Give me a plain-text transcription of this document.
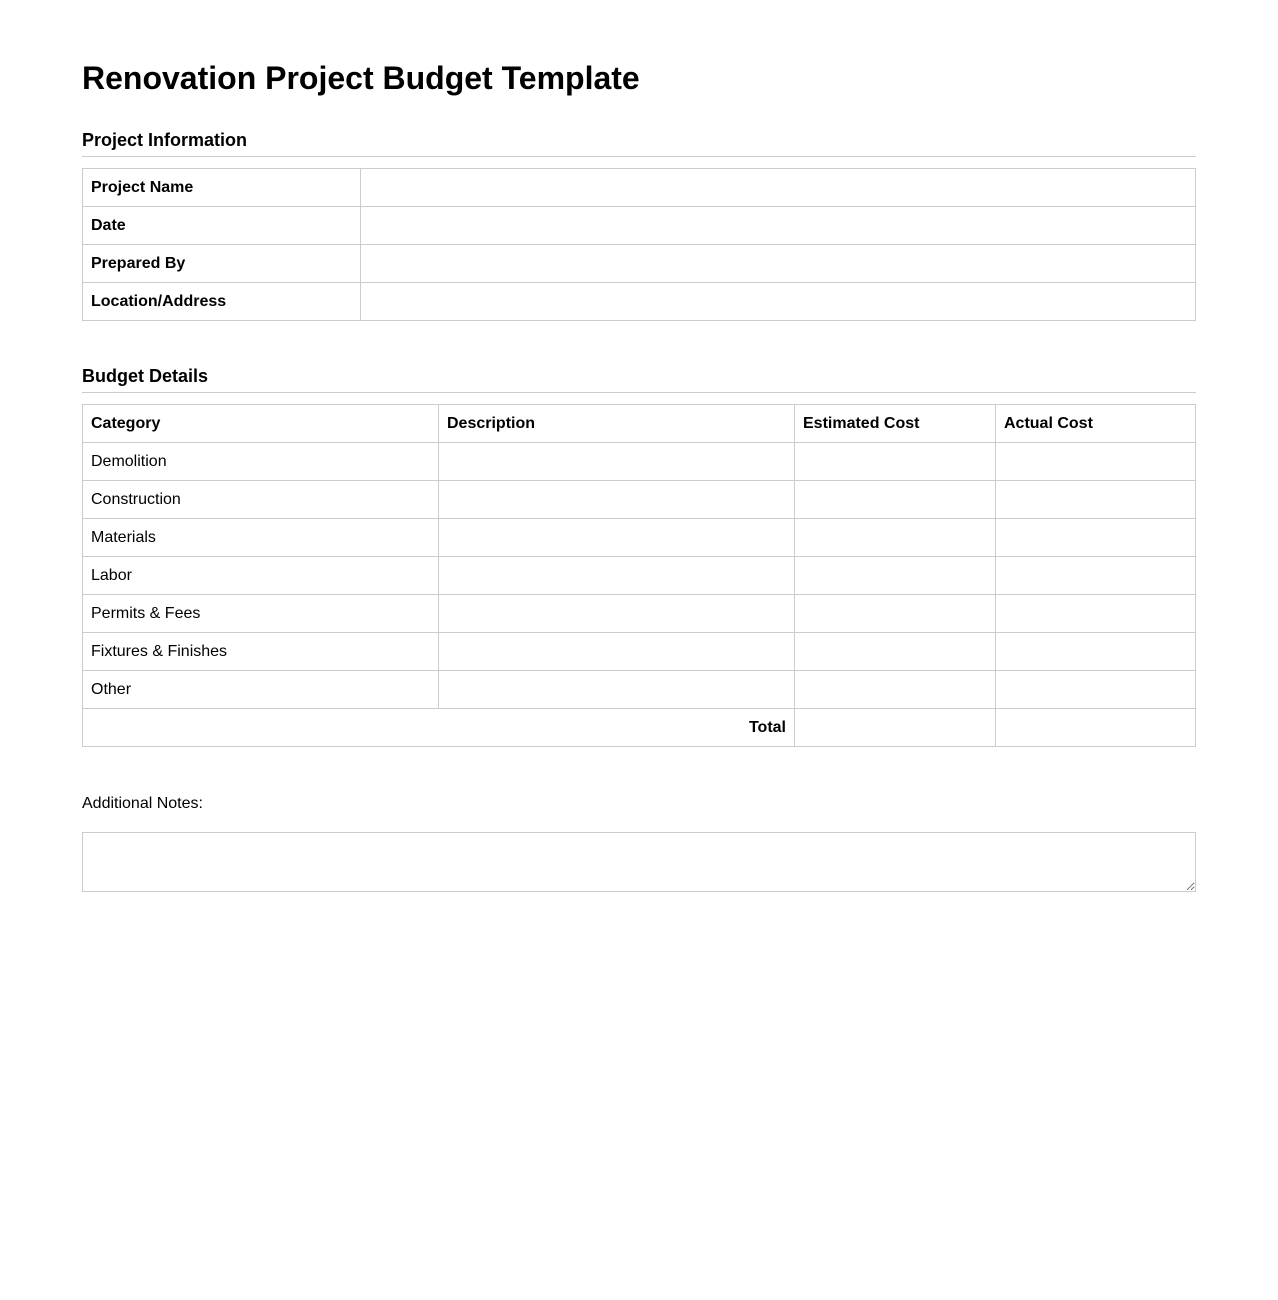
Renovation Project Budget Template
Project Information
Project Name	
Date	
Prepared By	
Location/Address	
Budget Details
Category	Description	Estimated Cost	Actual Cost
Demolition			
Construction			
Materials			
Labor			
Permits & Fees			
Fixtures & Finishes			
Other			
Total			
Additional Notes:
